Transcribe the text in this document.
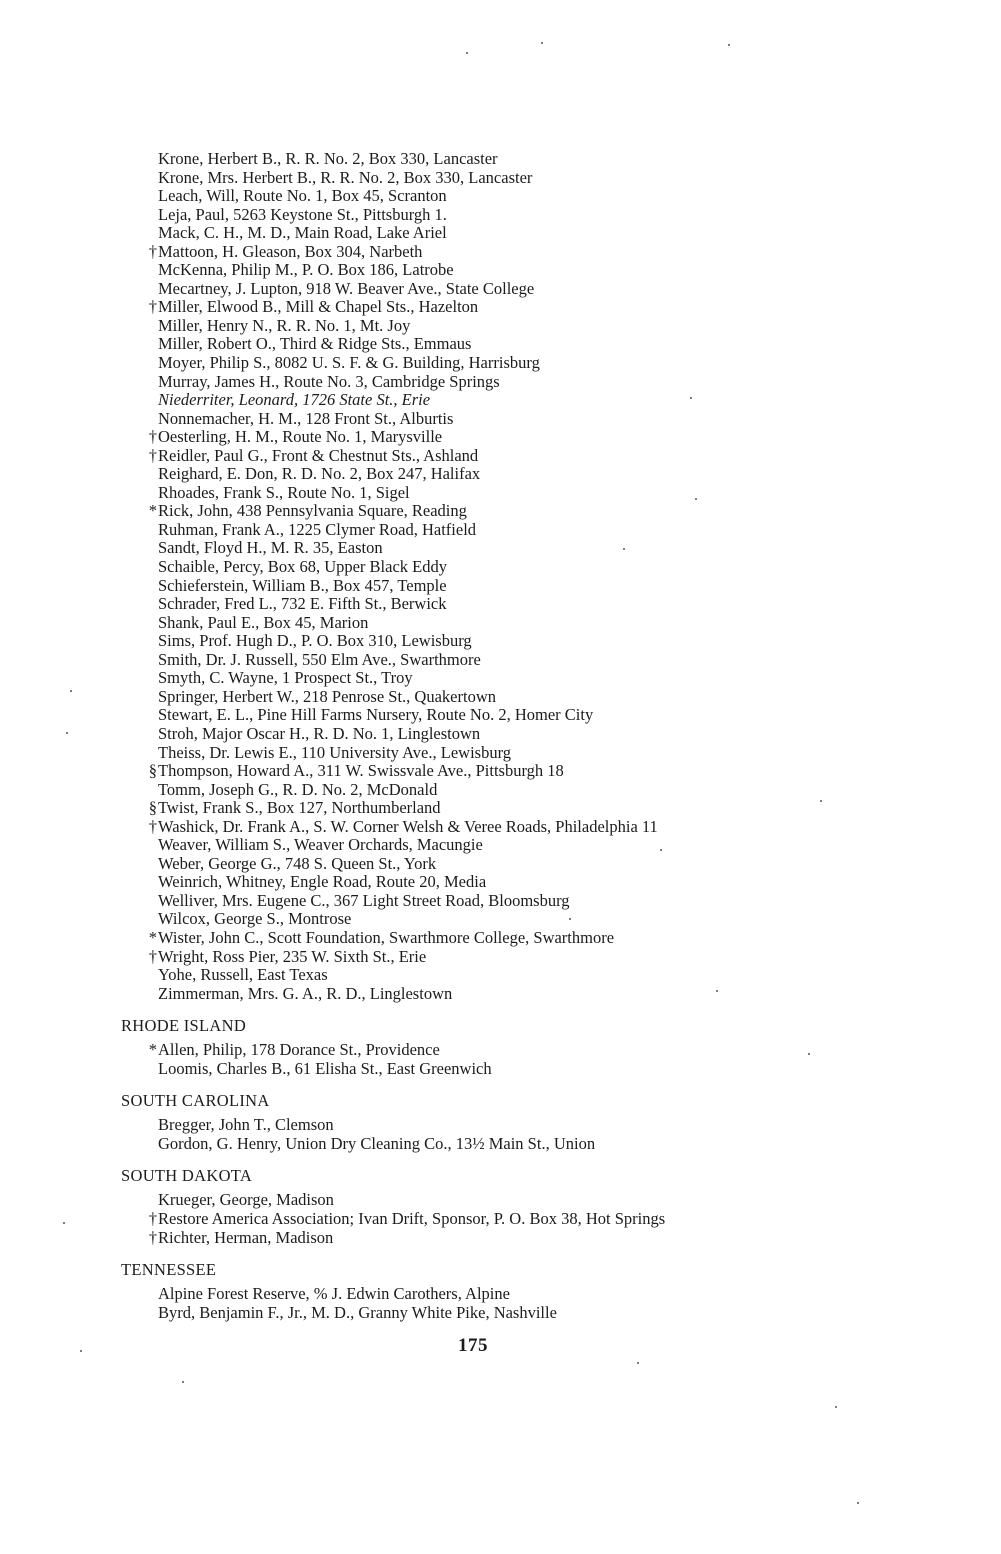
Krone, Herbert B., R. R. No. 2, Box 330, Lancaster
Krone, Mrs. Herbert B., R. R. No. 2, Box 330, Lancaster
Leach, Will, Route No. 1, Box 45, Scranton
Leja, Paul, 5263 Keystone St., Pittsburgh 1.
Mack, C. H., M. D., Main Road, Lake Ariel
†Mattoon, H. Gleason, Box 304, Narbeth
McKenna, Philip M., P. O. Box 186, Latrobe
Mecartney, J. Lupton, 918 W. Beaver Ave., State College
†Miller, Elwood B., Mill & Chapel Sts., Hazelton
Miller, Henry N., R. R. No. 1, Mt. Joy
Miller, Robert O., Third & Ridge Sts., Emmaus
Moyer, Philip S., 8082 U. S. F. & G. Building, Harrisburg
Murray, James H., Route No. 3, Cambridge Springs
Niederriter, Leonard, 1726 State St., Erie
Nonnemacher, H. M., 128 Front St., Alburtis
†Oesterling, H. M., Route No. 1, Marysville
†Reidler, Paul G., Front & Chestnut Sts., Ashland
Reighard, E. Don, R. D. No. 2, Box 247, Halifax
Rhoades, Frank S., Route No. 1, Sigel
*Rick, John, 438 Pennsylvania Square, Reading
Ruhman, Frank A., 1225 Clymer Road, Hatfield
Sandt, Floyd H., M. R. 35, Easton
Schaible, Percy, Box 68, Upper Black Eddy
Schieferstein, William B., Box 457, Temple
Schrader, Fred L., 732 E. Fifth St., Berwick
Shank, Paul E., Box 45, Marion
Sims, Prof. Hugh D., P. O. Box 310, Lewisburg
Smith, Dr. J. Russell, 550 Elm Ave., Swarthmore
Smyth, C. Wayne, 1 Prospect St., Troy
Springer, Herbert W., 218 Penrose St., Quakertown
Stewart, E. L., Pine Hill Farms Nursery, Route No. 2, Homer City
Stroh, Major Oscar H., R. D. No. 1, Linglestown
Theiss, Dr. Lewis E., 110 University Ave., Lewisburg
§Thompson, Howard A., 311 W. Swissvale Ave., Pittsburgh 18
Tomm, Joseph G., R. D. No. 2, McDonald
§Twist, Frank S., Box 127, Northumberland
†Washick, Dr. Frank A., S. W. Corner Welsh & Veree Roads, Philadelphia 11
Weaver, William S., Weaver Orchards, Macungie
Weber, George G., 748 S. Queen St., York
Weinrich, Whitney, Engle Road, Route 20, Media
Welliver, Mrs. Eugene C., 367 Light Street Road, Bloomsburg
Wilcox, George S., Montrose
*Wister, John C., Scott Foundation, Swarthmore College, Swarthmore
†Wright, Ross Pier, 235 W. Sixth St., Erie
Yohe, Russell, East Texas
Zimmerman, Mrs. G. A., R. D., Linglestown
RHODE ISLAND
*Allen, Philip, 178 Dorance St., Providence
Loomis, Charles B., 61 Elisha St., East Greenwich
SOUTH CAROLINA
Bregger, John T., Clemson
Gordon, G. Henry, Union Dry Cleaning Co., 13½ Main St., Union
SOUTH DAKOTA
Krueger, George, Madison
†Restore America Association; Ivan Drift, Sponsor, P. O. Box 38, Hot Springs
†Richter, Herman, Madison
TENNESSEE
Alpine Forest Reserve, % J. Edwin Carothers, Alpine
Byrd, Benjamin F., Jr., M. D., Granny White Pike, Nashville
175
